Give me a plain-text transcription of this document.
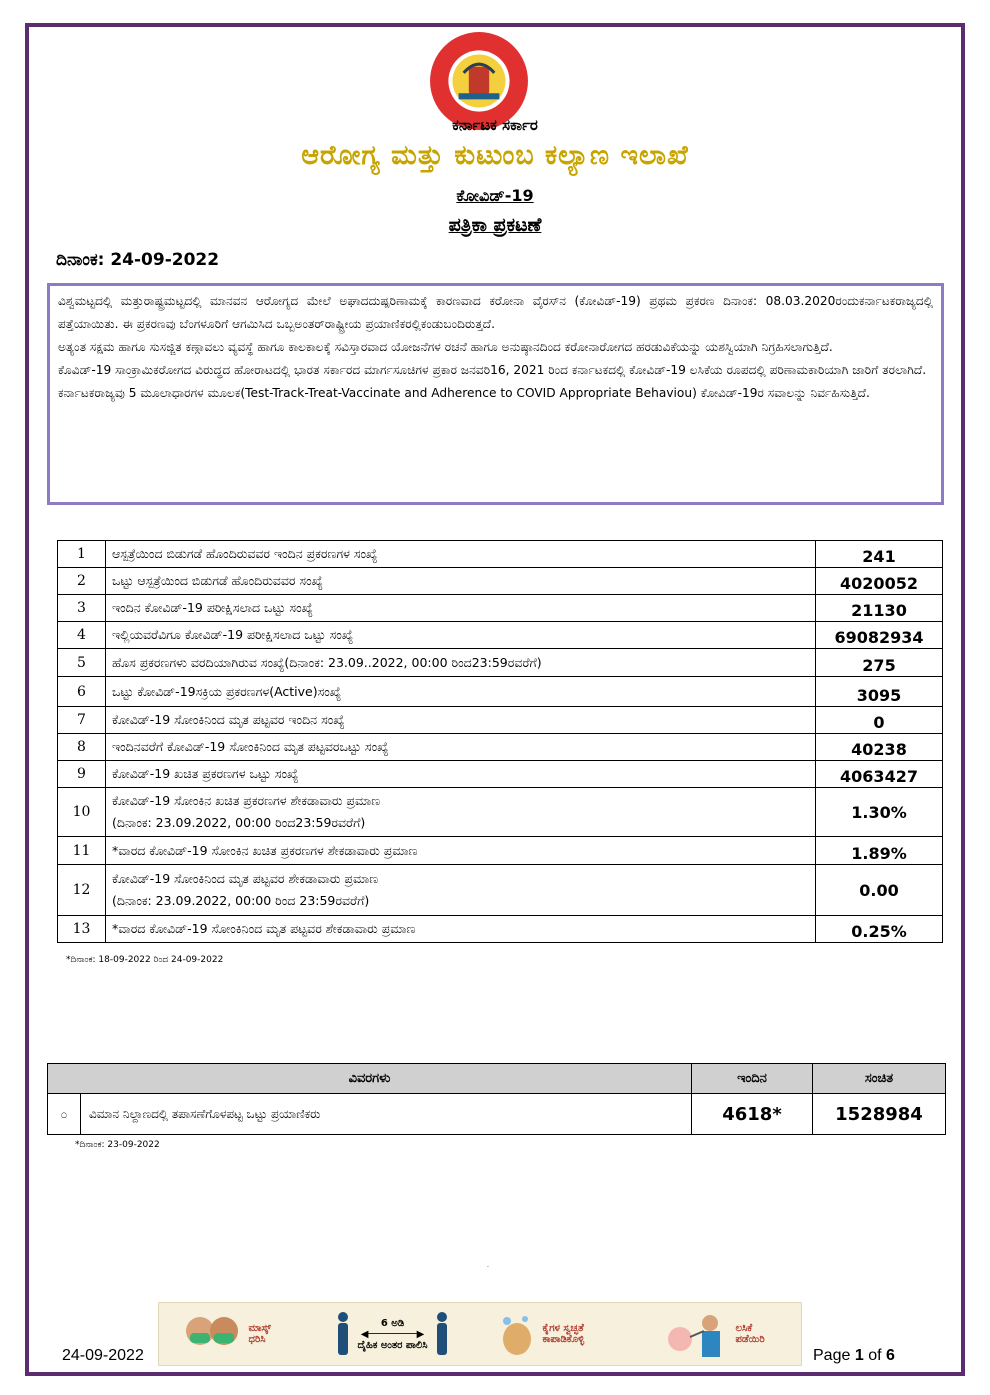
ಕರ್ನಾಟಕ ಸರ್ಕಾರ
ಆರೋಗ್ಯ ಮತ್ತು ಕುಟುಂಬ ಕಲ್ಯಾಣ ಇಲಾಖೆ
ಕೋವಿಡ್-19
ಪತ್ರಿಕಾ ಪ್ರಕಟಣೆ
ದಿನಾಂಕ: 24-09-2022

ವಿಶ್ವಮಟ್ಟದಲ್ಲಿ ಮತ್ತುರಾಷ್ಟ್ರಮಟ್ಟದಲ್ಲಿ ಮಾನವನ ಆರೋಗ್ಯದ ಮೇಲೆ ಅಘಾದದುಷ್ಪರಿಣಾಮಕ್ಕೆ ಕಾರಣವಾದ ಕರೋನಾ ವೈರಸ್‌ನ (ಕೋವಿಡ್-19) ಪ್ರಥಮ ಪ್ರಕರಣ ದಿನಾಂಕ: 08.03.2020ರಂದುಕರ್ನಾಟಕರಾಜ್ಯದಲ್ಲಿ ಪತ್ತೆಯಾಯಿತು. ಈ ಪ್ರಕರಣವು ಬೆಂಗಳೂರಿಗೆ ಆಗಮಿಸಿದ ಒಬ್ಬಅಂತರ್‌ರಾಷ್ಟ್ರೀಯ ಪ್ರಯಾಣಿಕರಲ್ಲಿಕಂಡುಬಂದಿರುತ್ತದೆ.

ಅತ್ಯಂತ ಸಕ್ಷಮ ಹಾಗೂ ಸುಸಜ್ಜಿತ ಕಣ್ಗಾವಲು ವ್ಯವಸ್ಥೆ ಹಾಗೂ ಕಾಲಕಾಲಕ್ಕೆ ಸವಿಸ್ತಾರವಾದ ಯೋಜನೆಗಳ ರಚನೆ ಹಾಗೂ ಅನುಷ್ಠಾನದಿಂದ ಕರೋನಾರೋಗದ ಹರಡುವಿಕೆಯನ್ನು ಯಶಸ್ವಿಯಾಗಿ ನಿಗ್ರಹಿಸಲಾಗುತ್ತಿದೆ.

ಕೊವಿಡ್-19 ಸಾಂಕ್ರಾಮಿಕರೋಗದ ವಿರುದ್ಧದ ಹೋರಾಟದಲ್ಲಿ ಭಾರತ ಸರ್ಕಾರದ ಮಾರ್ಗಸೂಚಿಗಳ ಪ್ರಕಾರ ಜನವರಿ16, 2021 ರಿಂದ ಕರ್ನಾಟಕದಲ್ಲಿ ಕೋವಿಡ್-19 ಲಸಿಕೆಯ ರೂಪದಲ್ಲಿ ಪರಿಣಾಮಕಾರಿಯಾಗಿ ಜಾರಿಗೆ ತರಲಾಗಿದೆ.

ಕರ್ನಾಟಕರಾಜ್ಯವು 5 ಮೂಲಾಧಾರಗಳ ಮೂಲಕ(Test-Track-Treat-Vaccinate and Adherence to COVID Appropriate Behaviou) ಕೋವಿಡ್-19ರ ಸವಾಲನ್ನು ನಿರ್ವಹಿಸುತ್ತಿದೆ.

1	ಆಸ್ಪತ್ರೆಯಿಂದ ಬಿಡುಗಡೆ ಹೊಂದಿರುವವರ ಇಂದಿನ ಪ್ರಕರಣಗಳ ಸಂಖ್ಯೆ	241
2	ಒಟ್ಟು ಆಸ್ಪತ್ರೆಯಿಂದ ಬಿಡುಗಡೆ ಹೊಂದಿರುವವರ ಸಂಖ್ಯೆ	4020052
3	ಇಂದಿನ ಕೋವಿಡ್-19 ಪರೀಕ್ಷಿಸಲಾದ ಒಟ್ಟು ಸಂಖ್ಯೆ	21130
4	ಇಲ್ಲಿಯವರೆವಿಗೂ ಕೋವಿಡ್-19 ಪರೀಕ್ಷಿಸಲಾದ ಒಟ್ಟು ಸಂಖ್ಯೆ	69082934
5	ಹೊಸ ಪ್ರಕರಣಗಳು ವರದಿಯಾಗಿರುವ ಸಂಖ್ಯೆ(ದಿನಾಂಕ: 23.09..2022, 00:00 ರಿಂದ23:59ರವರೆಗೆ)	275
6	ಒಟ್ಟು ಕೋವಿಡ್-19ಸಕ್ರಿಯ ಪ್ರಕರಣಗಳ(Active)ಸಂಖ್ಯೆ	3095
7	ಕೋವಿಡ್-19 ಸೋಂಕಿನಿಂದ ಮೃತ ಪಟ್ಟವರ ಇಂದಿನ ಸಂಖ್ಯೆ	0
8	ಇಂದಿನವರೆಗೆ ಕೋವಿಡ್-19 ಸೋಂಕಿನಿಂದ ಮೃತ ಪಟ್ಟವರಒಟ್ಟು ಸಂಖ್ಯೆ	40238
9	ಕೋವಿಡ್-19 ಖಚಿತ ಪ್ರಕರಣಗಳ ಒಟ್ಟು ಸಂಖ್ಯೆ	4063427
10	ಕೋವಿಡ್-19 ಸೋಂಕಿನ ಖಚಿತ ಪ್ರಕರಣಗಳ ಶೇಕಡಾವಾರು ಪ್ರಮಾಣ
(ದಿನಾಂಕ: 23.09.2022, 00:00 ರಿಂದ23:59ರವರೆಗೆ)	1.30%
11	*ವಾರದ ಕೋವಿಡ್-19 ಸೋಂಕಿನ ಖಚಿತ ಪ್ರಕರಣಗಳ ಶೇಕಡಾವಾರು ಪ್ರಮಾಣ	1.89%
12	ಕೋವಿಡ್-19 ಸೋಂಕಿನಿಂದ ಮೃತ ಪಟ್ಟವರ ಶೇಕಡಾವಾರು ಪ್ರಮಾಣ
(ದಿನಾಂಕ: 23.09.2022, 00:00 ರಿಂದ 23:59ರವರೆಗೆ)	0.00
13	*ವಾರದ ಕೋವಿಡ್-19 ಸೋಂಕಿನಿಂದ ಮೃತ ಪಟ್ಟವರ ಶೇಕಡಾವಾರು ಪ್ರಮಾಣ	0.25%
*ದಿನಾಂಕ: 18-09-2022 ರಿಂದ 24-09-2022
ವಿವರಗಳು		ಇಂದಿನ	ಸಂಚಿತ
೦	ವಿಮಾನ ನಿಲ್ದಾಣದಲ್ಲಿ ತಪಾಸಣೆಗೊಳಪಟ್ಟ ಒಟ್ಟು ಪ್ರಯಾಣಿಕರು	4618*	1528984
*ದಿನಾಂಕ: 23-09-2022
.
ಮಾಸ್ಕ್ ಧರಿಸಿ
6 ಅಡಿ
◀────────▶
ದೈಹಿಕ ಅಂತರ ಪಾಲಿಸಿ
ಕೈಗಳ ಸ್ವಚ್ಛತೆ ಕಾಪಾಡಿಕೊಳ್ಳಿ
ಲಸಿಕೆ ಪಡೆಯಿರಿ
24-09-2022	Page 1 of 6
